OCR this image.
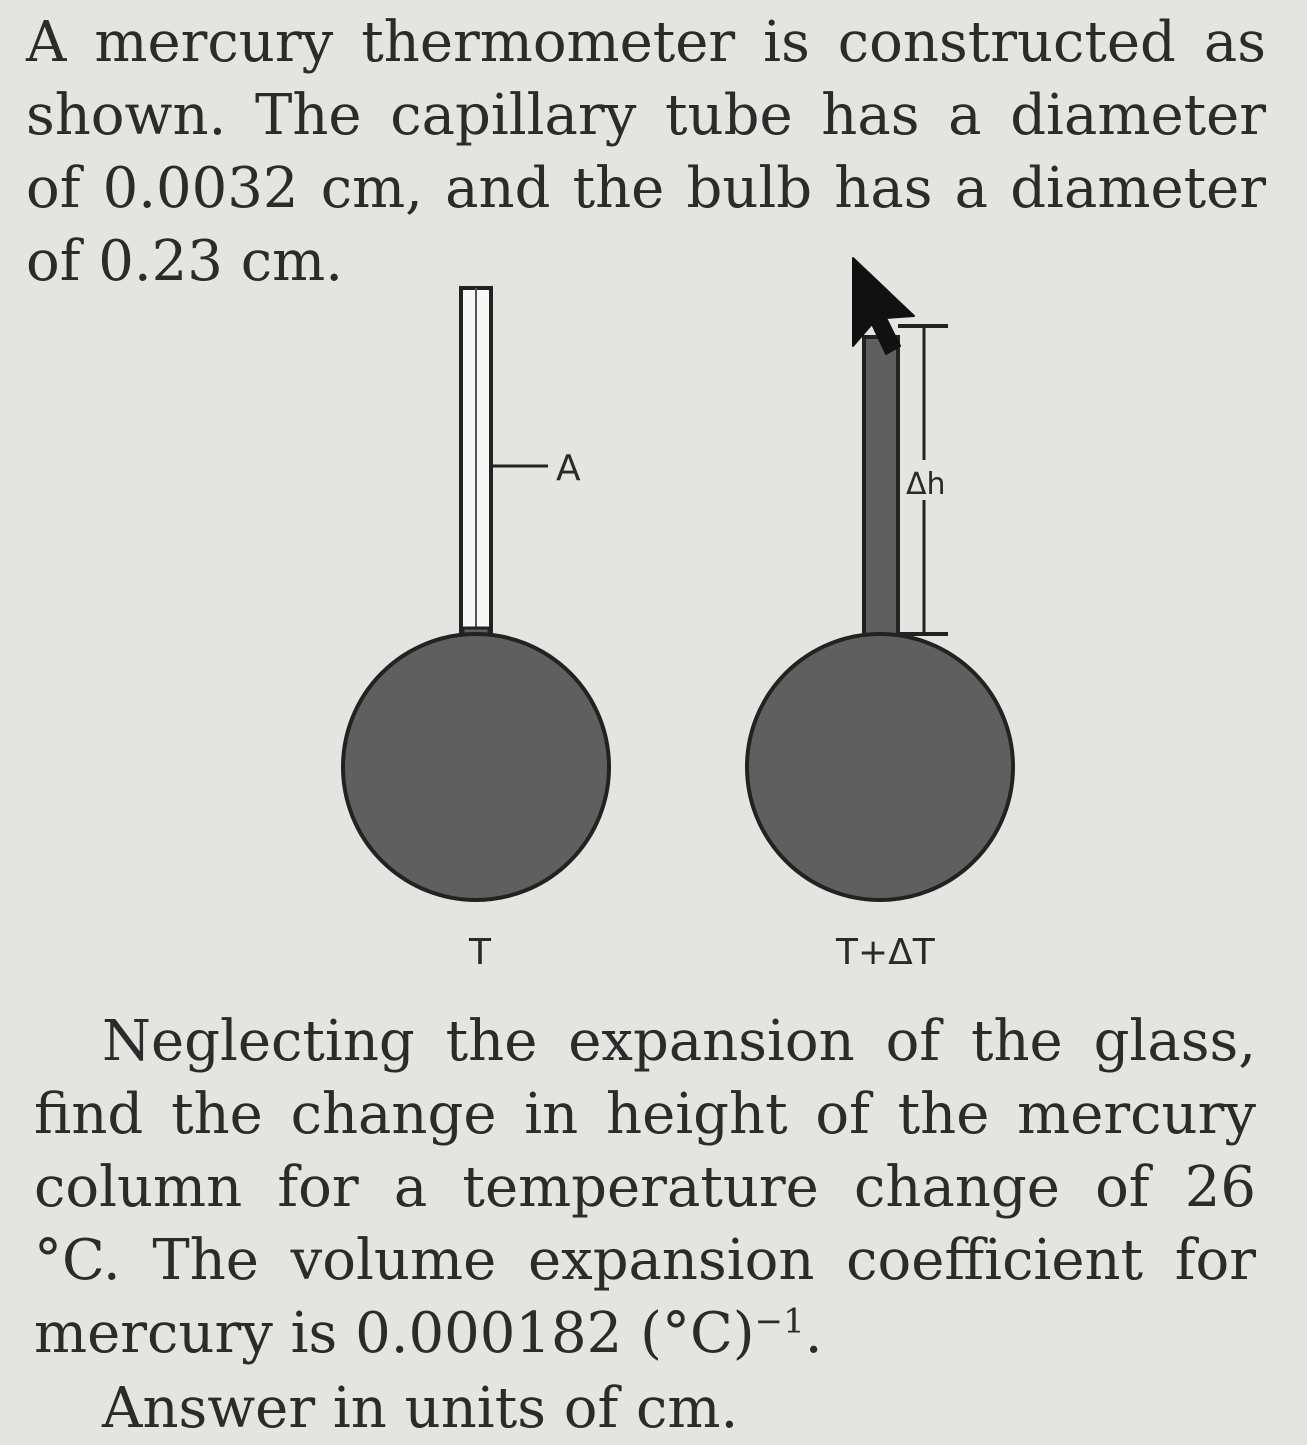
A mercury thermometer is constructed as shown. The capillary tube has a diameter of 0.0032 cm, and the bulb has a diameter of 0.23 cm.

A
T
Δh
T+ΔT

Neglecting the expansion of the glass, find the change in height of the mercury column for a temperature change of 26 °C. The volume expansion coefficient for mercury is 0.000182 $(^\circ C)^{-1}$.

Answer in units of cm.
